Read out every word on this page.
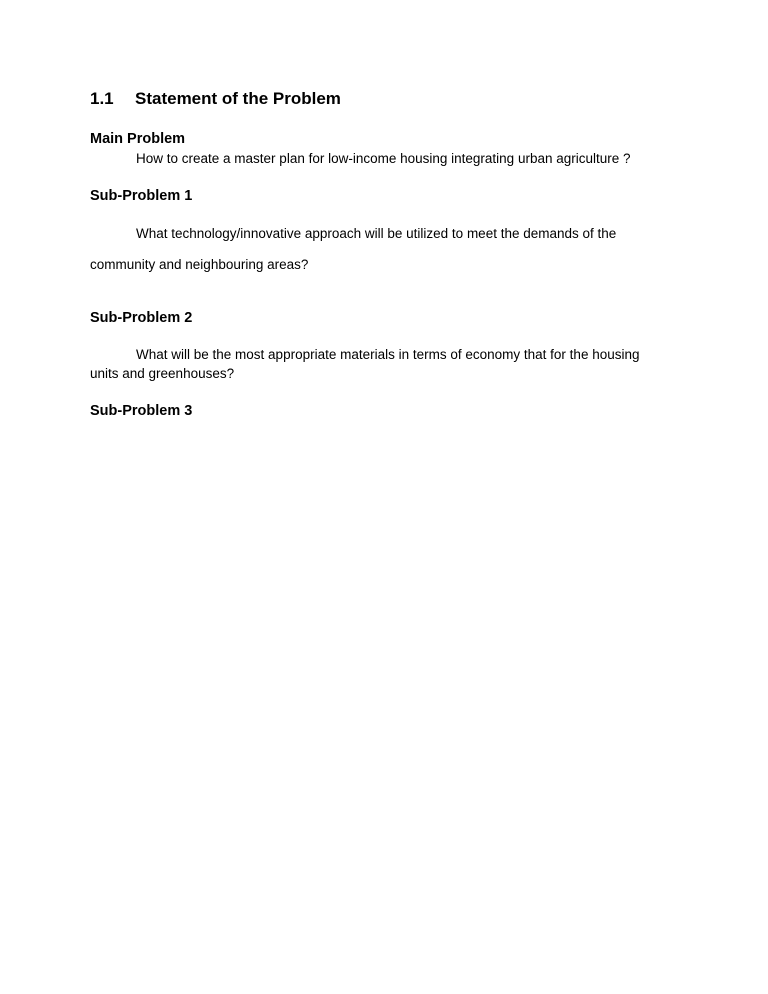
1.1 Statement of the Problem
Main Problem
How to create a master plan for low-income housing integrating urban agriculture ?
Sub-Problem 1
What technology/innovative approach will be utilized to meet the demands of the
community and neighbouring areas?
Sub-Problem 2
What will be the most appropriate materials in terms of economy that for the housing
units and greenhouses?
Sub-Problem 3
